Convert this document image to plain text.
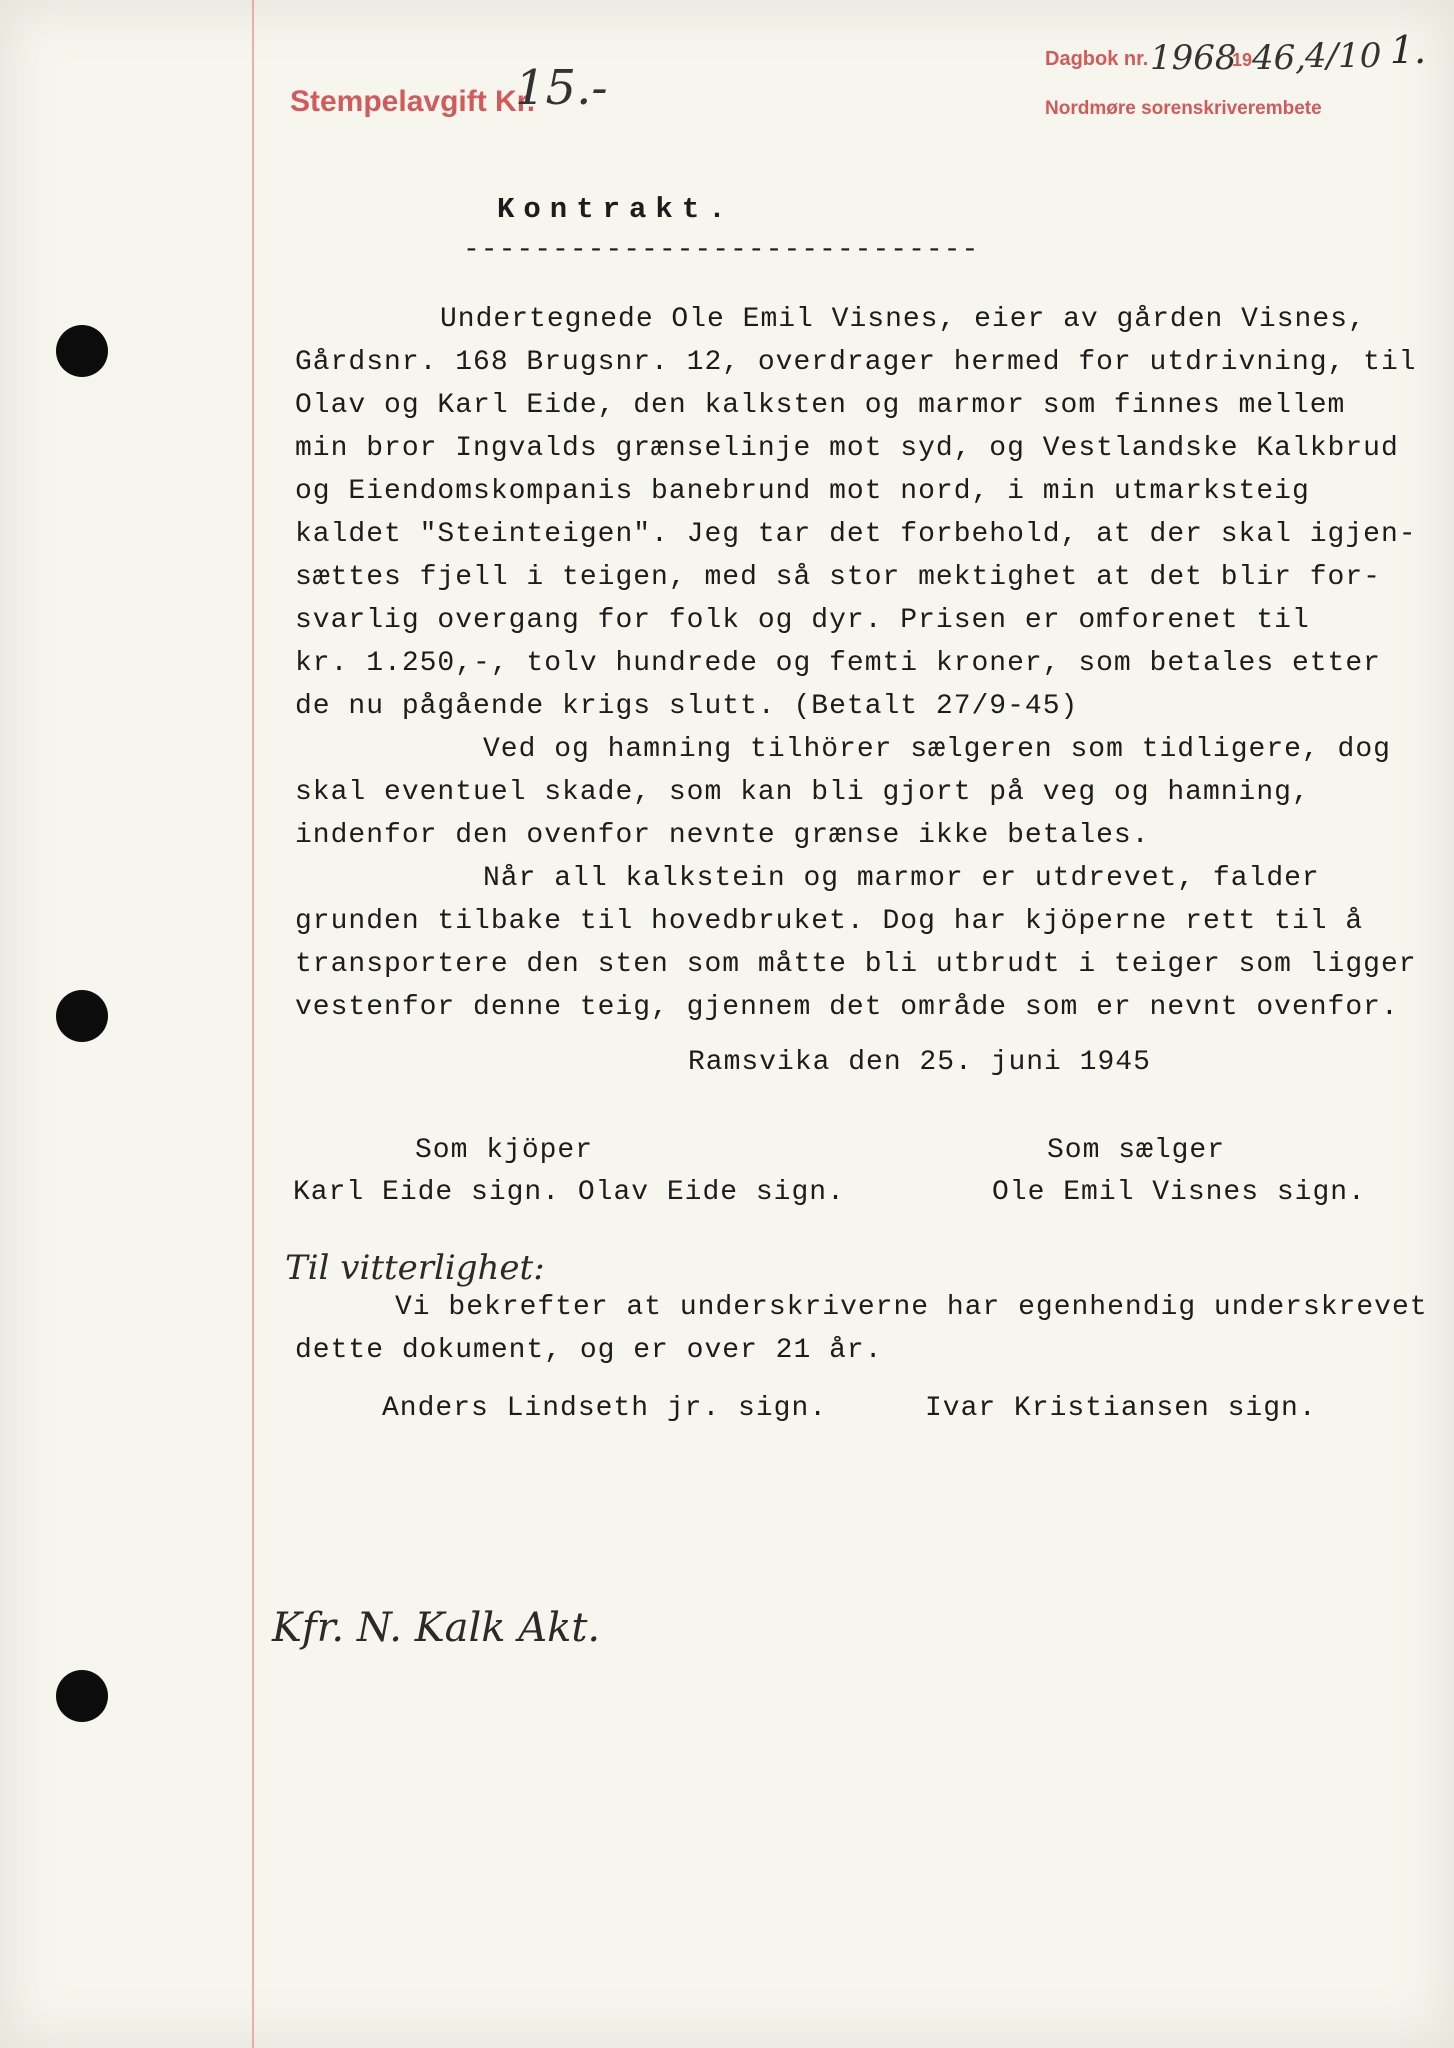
1.
Stempelavgift Kr.
15.-
Dagbok nr. 1968
19 46,
4/10
Nordmøre sorenskriverembete
Kontrakt.
-----------------------------

Undertegnede Ole Emil Visnes, eier av gården Visnes,

Gårdsnr. 168 Brugsnr. 12, overdrager hermed for utdrivning, til

Olav og Karl Eide, den kalksten og marmor som finnes mellem

min bror Ingvalds grænselinje mot syd, og Vestlandske Kalkbrud

og Eiendomskompanis banebrund mot nord, i min utmarksteig

kaldet "Steinteigen". Jeg tar det forbehold, at der skal igjen-

sættes fjell i teigen, med så stor mektighet at det blir for-

svarlig overgang for folk og dyr. Prisen er omforenet til

kr. 1.250,-, tolv hundrede og femti kroner, som betales etter

de nu pågående krigs slutt. (Betalt 27/9-45)

Ved og hamning tilhörer sælgeren som tidligere, dog

skal eventuel skade, som kan bli gjort på veg og hamning,

indenfor den ovenfor nevnte grænse ikke betales.

Når all kalkstein og marmor er utdrevet, falder

grunden tilbake til hovedbruket. Dog har kjöperne rett til å

transportere den sten som måtte bli utbrudt i teiger som ligger

vestenfor denne teig, gjennem det område som er nevnt ovenfor.

Ramsvika den 25. juni 1945

Som kjöper

Karl Eide sign. Olav Eide sign.

Som sælger

Ole Emil Visnes sign.

Vi bekrefter at underskriverne har egenhendig underskrevet

dette dokument, og er over 21 år.

Anders Lindseth jr. sign.

	Ivar Kristiansen sign.

Til vitterlighet:
Kfr. N. Kalk Akt.
